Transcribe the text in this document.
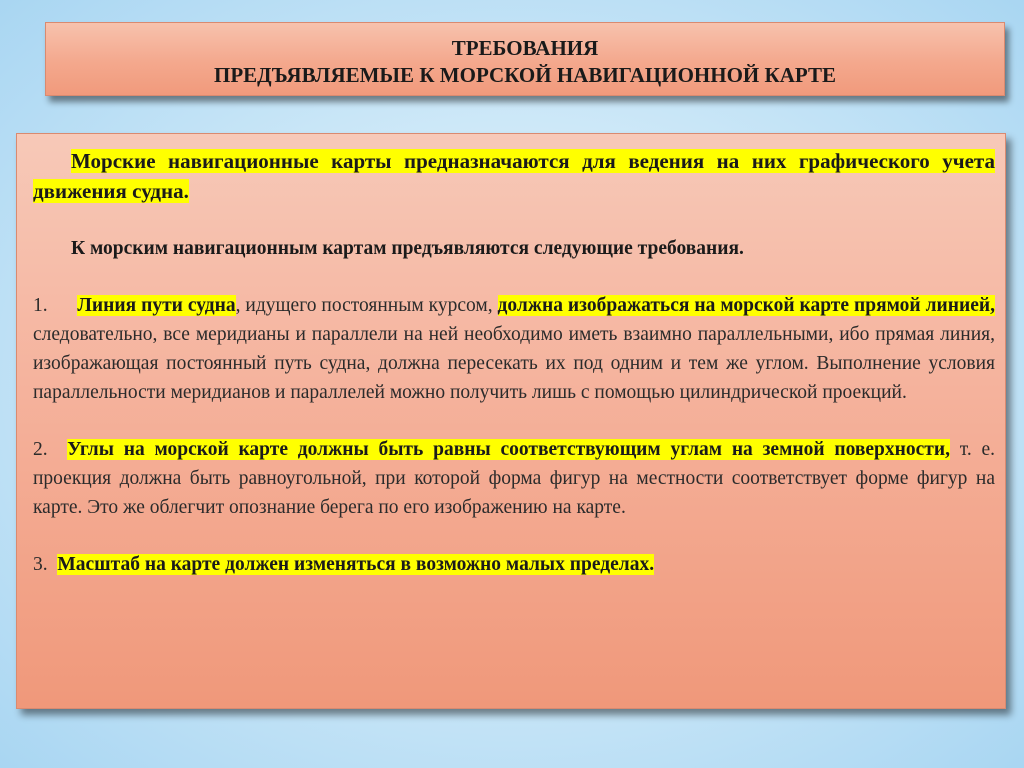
ТРЕБОВАНИЯ
ПРЕДЪЯВЛЯЕМЫЕ К МОРСКОЙ НАВИГАЦИОННОЙ КАРТЕ

Морские навигационные карты предназначаются для ведения на них графического учета движения судна.

К морским навигационным картам предъявляются следующие требования.

1. Линия пути судна, идущего постоянным курсом, должна изображаться на морской карте прямой линией, следовательно, все меридианы и параллели на ней необходимо иметь взаимно параллельными, ибо прямая линия, изображающая постоянный путь судна, должна пересекать их под одним и тем же углом. Выполнение условия параллельности меридианов и параллелей можно получить лишь с помощью цилиндрической проекций.

2. Углы на морской карте должны быть равны соответствующим углам на земной поверхности, т. е. проекция должна быть равноугольной, при которой форма фигур на местности соответствует форме фигур на карте. Это же облегчит опознание берега по его изображению на карте.

3. Масштаб на карте должен изменяться в возможно малых пределах.
